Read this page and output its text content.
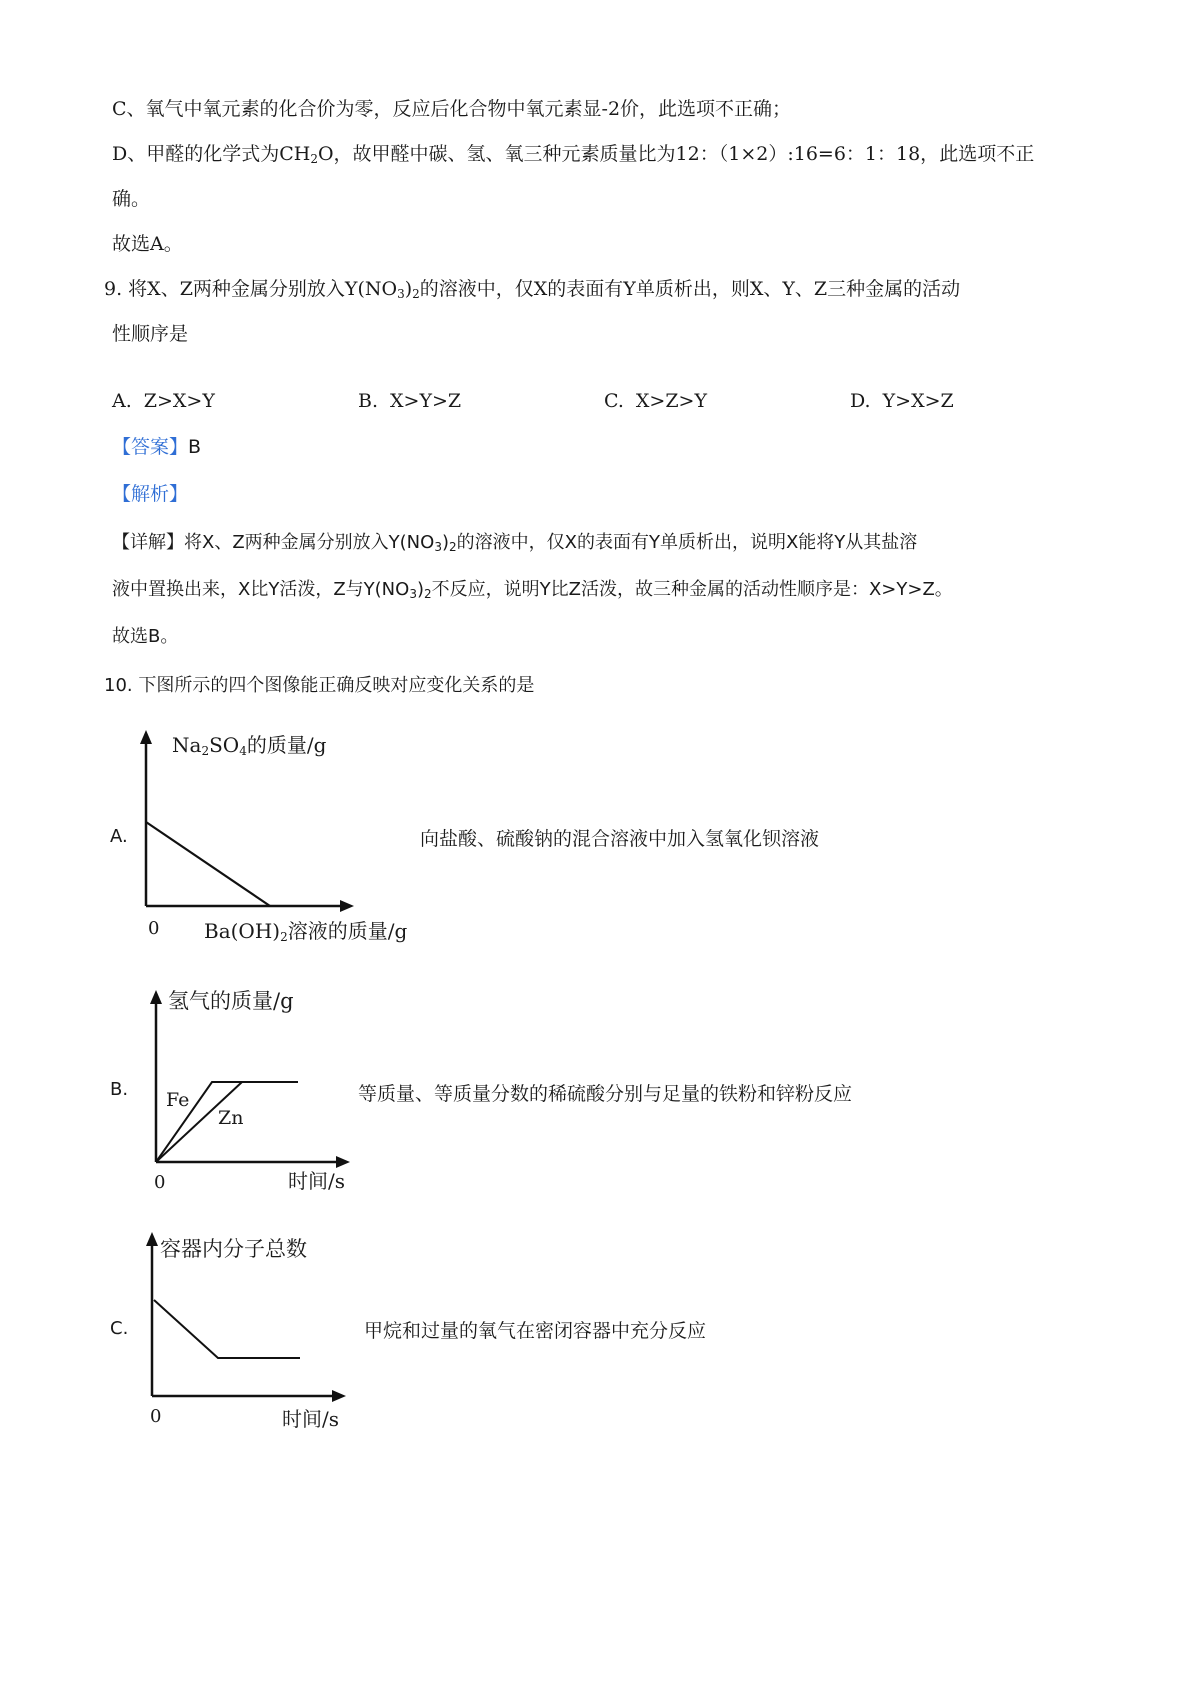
C、氧气中氧元素的化合价为零，反应后化合物中氧元素显-2价，此选项不正确；
D、甲醛的化学式为$CH_2O$，故甲醛中碳、氢、氧三种元素质量比为12：（1×2）:16=6：1：18，此选项不正
确。
故选A。
9. 将X、Z两种金属分别放入$Y(NO_3)_2$的溶液中，仅X的表面有Y单质析出，则X、Y、Z三种金属的活动
性顺序是
A. Z>X>Y	B. X>Y>Z	C. X>Z>Y	D. Y>X>Z
【答案】B
【解析】
【详解】将X、Z两种金属分别放入$Y(NO_3)_2$的溶液中，仅X的表面有Y单质析出，说明X能将Y从其盐溶
液中置换出来，X比Y活泼，Z与$Y(NO_3)_2$不反应，说明Y比Z活泼，故三种金属的活动性顺序是：X>Y>Z。
故选B。
10. 下图所示的四个图像能正确反映对应变化关系的是
A.
Na2SO4的质量/g
0 Ba(OH)2溶液的质量/g
向盐酸、硫酸钠的混合溶液中加入氢氧化钡溶液
B.
氢气的质量/g
Fe
Zn
0	时间/s
等质量、等质量分数的稀硫酸分别与足量的铁粉和锌粉反应
C.
容器内分子总数
0	时间/s
甲烷和过量的氧气在密闭容器中充分反应
